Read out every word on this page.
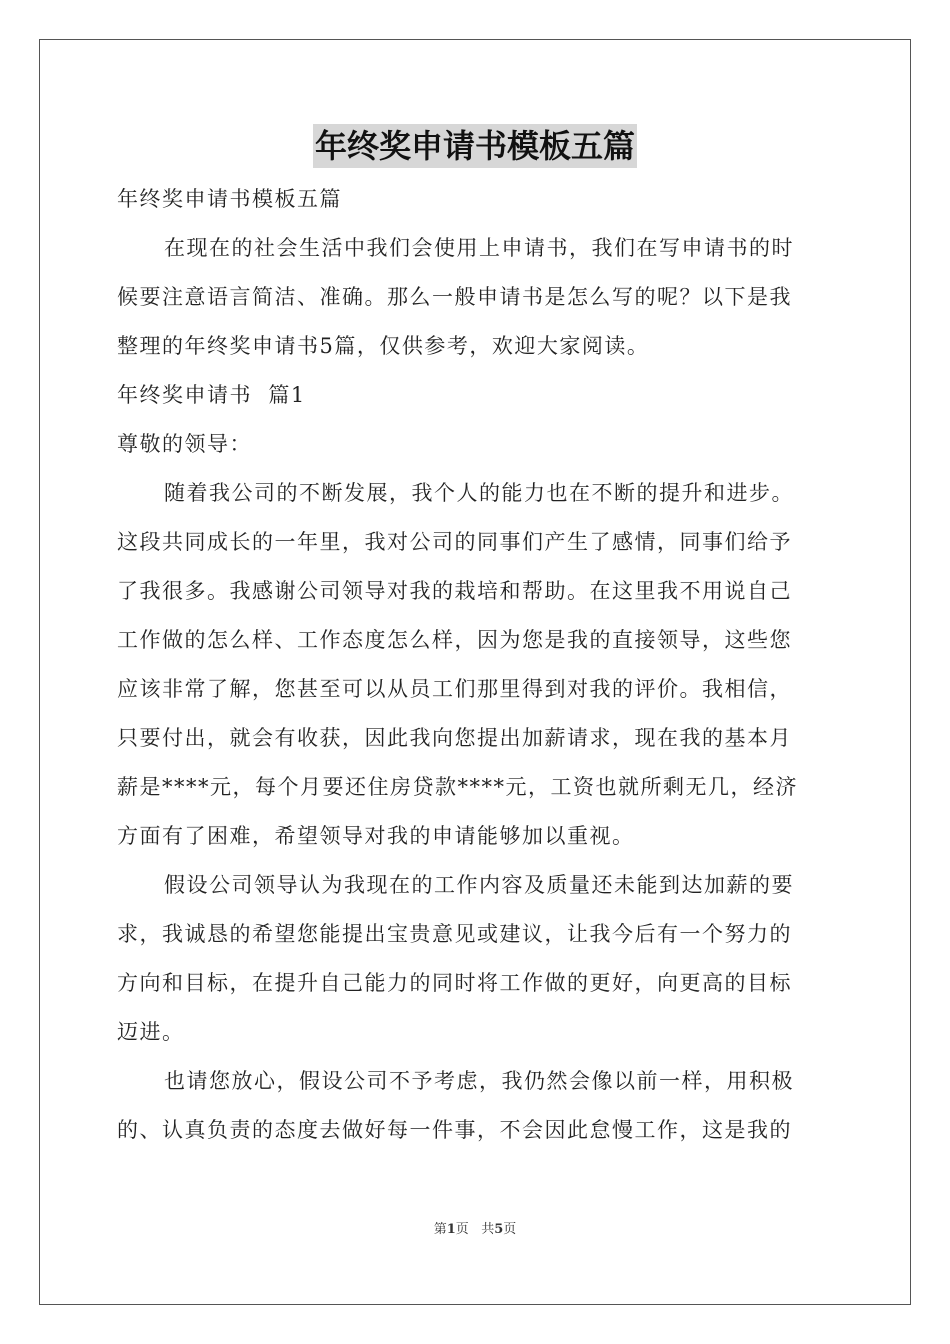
年终奖申请书模板五篇

年终奖申请书模板五篇

在现在的社会生活中我们会使用上申请书，我们在写申请书的时
候要注意语言简洁、准确。那么一般申请书是怎么写的呢？以下是我
整理的年终奖申请书5篇，仅供参考，欢迎大家阅读。

年终奖申请书  篇1

尊敬的领导：

随着我公司的不断发展，我个人的能力也在不断的提升和进步。
这段共同成长的一年里，我对公司的同事们产生了感情，同事们给予
了我很多。我感谢公司领导对我的栽培和帮助。在这里我不用说自己
工作做的怎么样、工作态度怎么样，因为您是我的直接领导，这些您
应该非常了解，您甚至可以从员工们那里得到对我的评价。我相信，
只要付出，就会有收获，因此我向您提出加薪请求，现在我的基本月
薪是****元，每个月要还住房贷款****元，工资也就所剩无几，经济
方面有了困难，希望领导对我的申请能够加以重视。

假设公司领导认为我现在的工作内容及质量还未能到达加薪的要
求，我诚恳的希望您能提出宝贵意见或建议，让我今后有一个努力的
方向和目标，在提升自己能力的同时将工作做的更好，向更高的目标
迈进。

也请您放心，假设公司不予考虑，我仍然会像以前一样，用积极
的、认真负责的态度去做好每一件事，不会因此怠慢工作，这是我的

第1页 共5页
